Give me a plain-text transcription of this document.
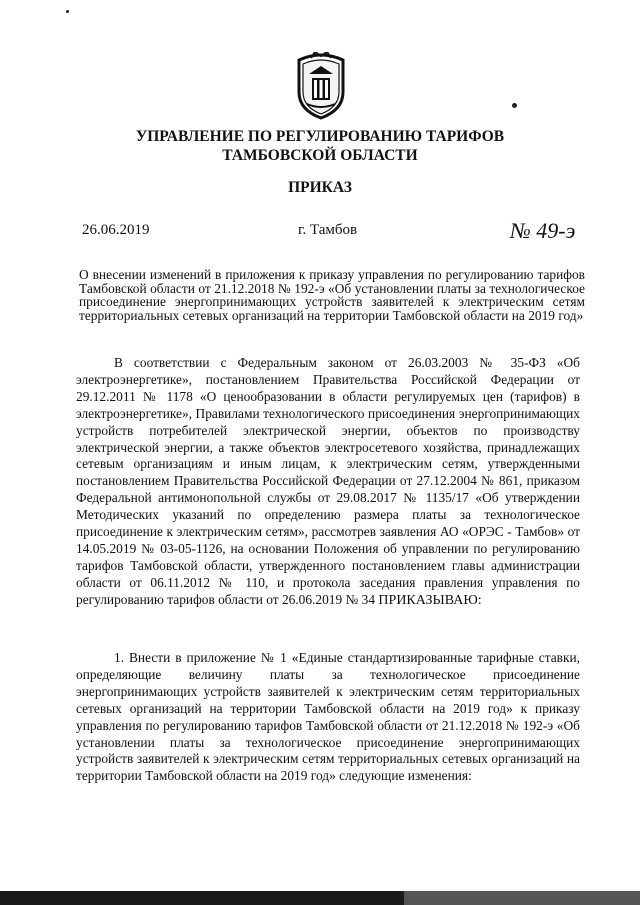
УПРАВЛЕНИЕ ПО РЕГУЛИРОВАНИЮ ТАРИФОВ
ТАМБОВСКОЙ ОБЛАСТИ
ПРИКАЗ
26.06.2019	г. Тамбов	№ 49-э
О внесении изменений в приложения к приказу управления по регулированию тарифов Тамбовской области от 21.12.2018 № 192-э «Об установлении платы за технологическое присоединение энергопринимающих устройств заявителей к электрическим сетям территориальных сетевых организаций на территории Тамбовской области на 2019 год»
В соответствии с Федеральным законом от 26.03.2003 № 35-ФЗ «Об электроэнергетике», постановлением Правительства Российской Федерации от 29.12.2011 № 1178 «О ценообразовании в области регулируемых цен (тарифов) в электроэнергетике», Правилами технологического присоединения энергопринимающих устройств потребителей электрической энергии, объектов по производству электрической энергии, а также объектов электросетевого хозяйства, принадлежащих сетевым организациям и иным лицам, к электрическим сетям, утвержденными постановлением Правительства Российской Федерации от 27.12.2004 № 861, приказом Федеральной антимонопольной службы от 29.08.2017 № 1135/17 «Об утверждении Методических указаний по определению размера платы за технологическое присоединение к электрическим сетям», рассмотрев заявления АО «ОРЭС - Тамбов» от 14.05.2019 № 03-05-1126, на основании Положения об управлении по регулированию тарифов Тамбовской области, утвержденного постановлением главы администрации области от 06.11.2012 № 110, и протокола заседания правления управления по регулированию тарифов области от 26.06.2019 № 34 ПРИКАЗЫВАЮ:
1. Внести в приложение № 1 «Единые стандартизированные тарифные ставки, определяющие величину платы за технологическое присоединение энергопринимающих устройств заявителей к электрическим сетям территориальных сетевых организаций на территории Тамбовской области на 2019 год» к приказу управления по регулированию тарифов Тамбовской области от 21.12.2018 № 192-э «Об установлении платы за технологическое присоединение энергопринимающих устройств заявителей к электрическим сетям территориальных сетевых организаций на территории Тамбовской области на 2019 год» следующие изменения:
